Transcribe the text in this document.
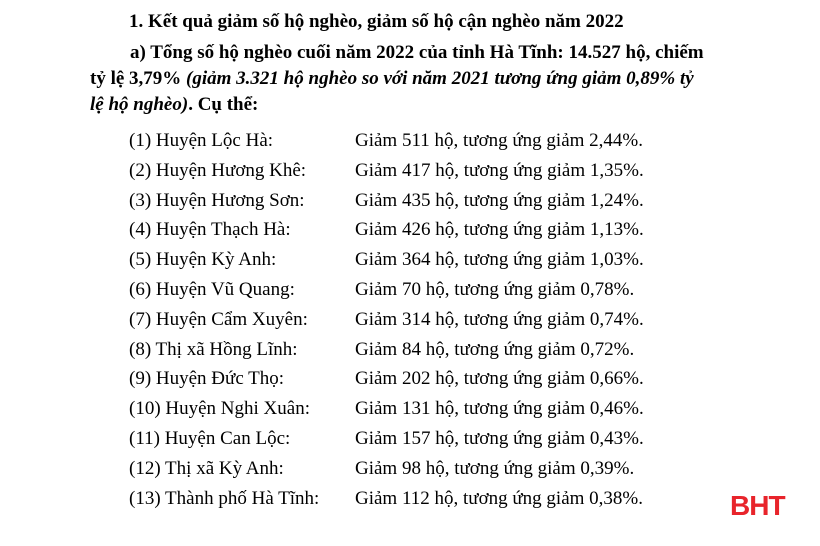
1. Kết quả giảm số hộ nghèo, giảm số hộ cận nghèo năm 2022
a) Tổng số hộ nghèo cuối năm 2022 của tỉnh Hà Tĩnh: 14.527 hộ, chiếm
tỷ lệ 3,79% (giảm 3.321 hộ nghèo so với năm 2021 tương ứng giảm 0,89% tỷ
lệ hộ nghèo). Cụ thể:
(1) Huyện Lộc Hà:	Giảm 511 hộ, tương ứng giảm 2,44%.
(2) Huyện Hương Khê:	Giảm 417 hộ, tương ứng giảm 1,35%.
(3) Huyện Hương Sơn:	Giảm 435 hộ, tương ứng giảm 1,24%.
(4) Huyện Thạch Hà:	Giảm 426 hộ, tương ứng giảm 1,13%.
(5) Huyện Kỳ Anh:	Giảm 364 hộ, tương ứng giảm 1,03%.
(6) Huyện Vũ Quang:	Giảm 70 hộ, tương ứng giảm 0,78%.
(7) Huyện Cẩm Xuyên: Giảm 314 hộ, tương ứng giảm 0,74%.
(8) Thị xã Hồng Lĩnh:	Giảm 84 hộ, tương ứng giảm 0,72%.
(9) Huyện Đức Thọ:	Giảm 202 hộ, tương ứng giảm 0,66%.
(10) Huyện Nghi Xuân: Giảm 131 hộ, tương ứng giảm 0,46%.
(11) Huyện Can Lộc:	Giảm 157 hộ, tương ứng giảm 0,43%.
(12) Thị xã Kỳ Anh:	Giảm 98 hộ, tương ứng giảm 0,39%.
(13) Thành phố Hà Tĩnh: Giảm 112 hộ, tương ứng giảm 0,38%.	BHT
